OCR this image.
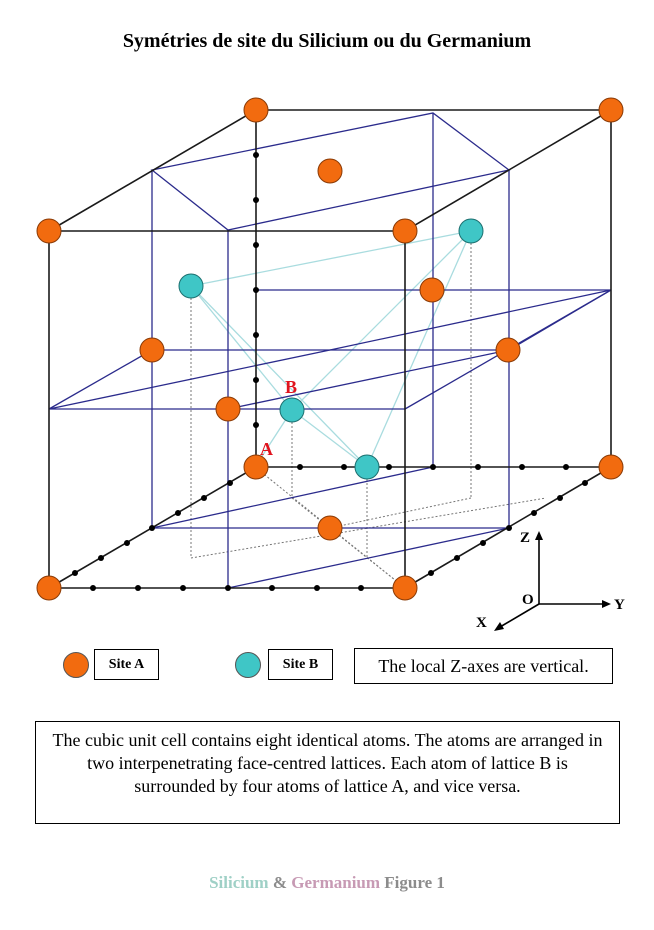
Symétries de site du Silicium ou du Germanium
B
A
Z
O	Y
X
Site A	Site B	The local Z-axes are vertical.
The cubic unit cell contains eight identical atoms. The atoms are arranged in two interpenetrating face-centred lattices. Each atom of lattice B is surrounded by four atoms of lattice A, and vice versa.
Silicium & Germanium Figure 1
